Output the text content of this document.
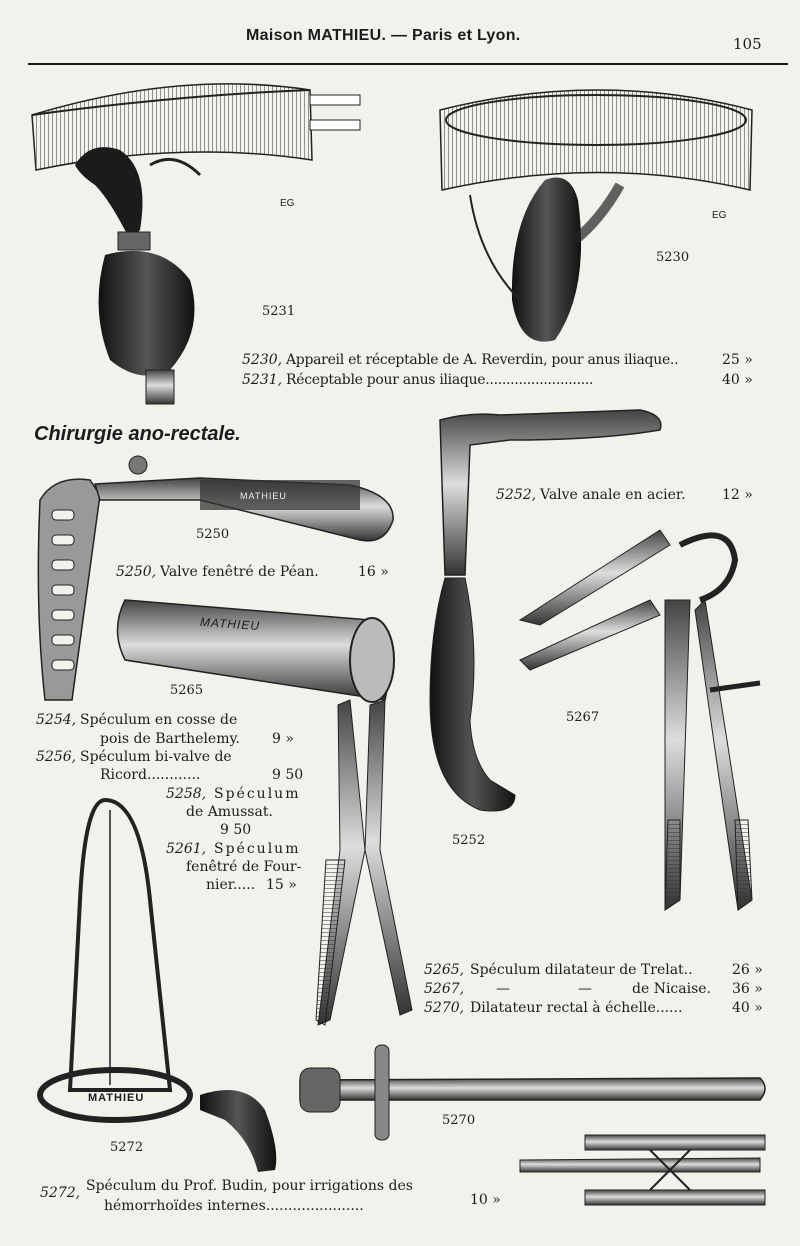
Maison MATHIEU. — Paris et Lyon.	105
MATHIEU
MATHIEU
MATHIEU
EG
EG
5231
5230
5250
5265
5252
5267
5270
5272
5230, Appareil et réceptable de A. Reverdin, pour anus iliaque..	25 »
5231, Réceptable pour anus iliaque..........................	40 »
Chirurgie ano-rectale.
5252, Valve anale en acier.	12 »
5250, Valve fenêtré de Péan.	16 »
5254, Spéculum en cosse de
pois de Barthelemy. 9 »
5256, Spéculum bi-valve de
Ricord............	9 50
5258, Spéculum
de Amussat.
9 50
5261, Spéculum
fenêtré de Four-
nier..... 15 »
5265, Spéculum dilatateur de Trelat..	26 »
5267, —	—	de Nicaise. 36 »
5270, Dilatateur rectal à échelle......	40 »
5272, Spéculum du Prof. Budin, pour irrigations des
hémorrhoïdes internes......................	10 »
